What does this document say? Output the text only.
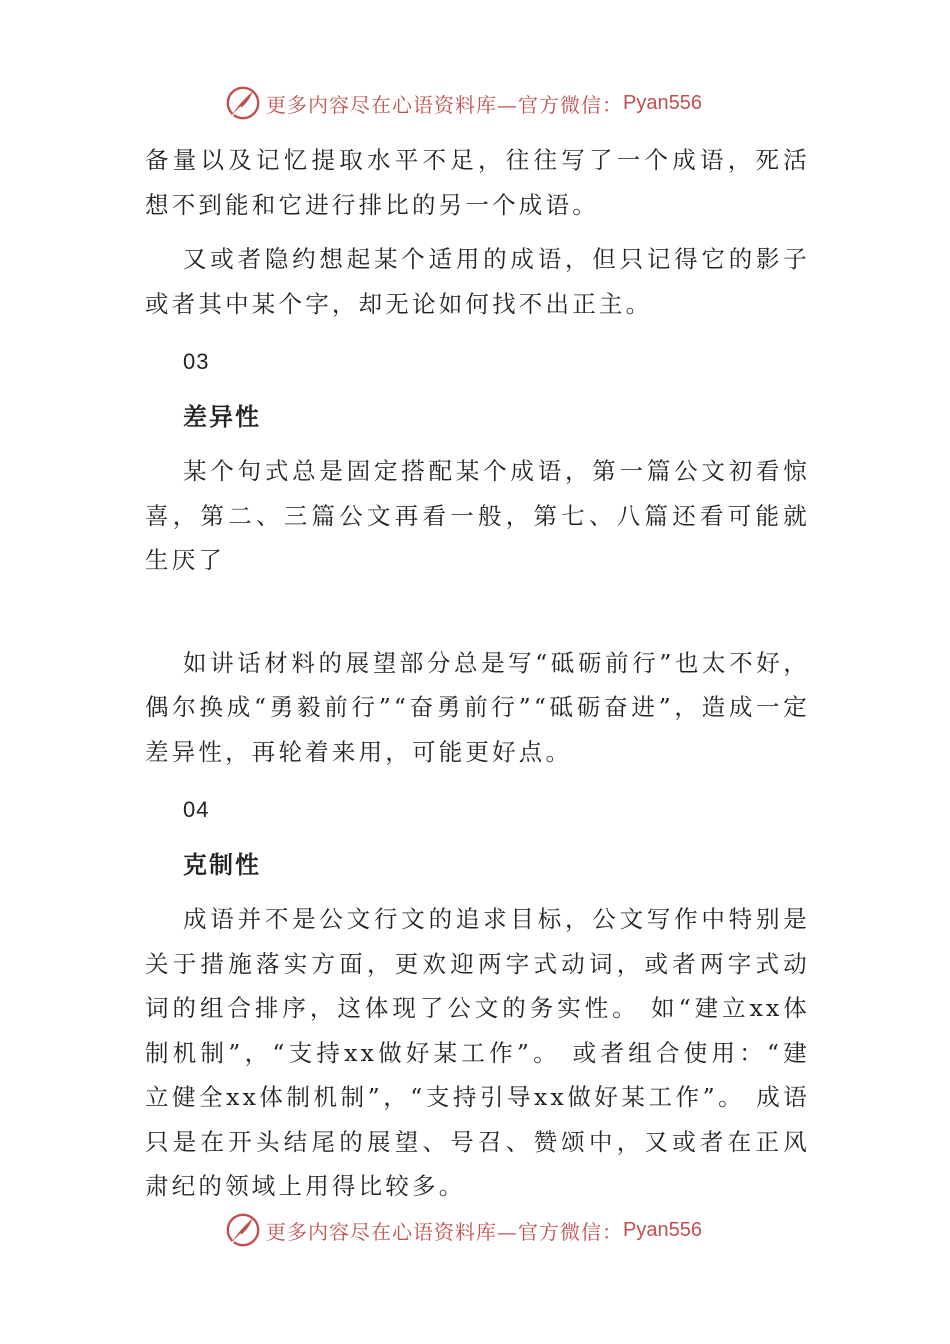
更多内容尽在心语资料库—官方微信： Pyan556

备量以及记忆提取水平不足，往往写了一个成语，死活想不到能和它进行排比的另一个成语。

又或者隐约想起某个适用的成语，但只记得它的影子或者其中某个字，却无论如何找不出正主。

03
差异性

某个句式总是固定搭配某个成语，第一篇公文初看惊喜，第二、三篇公文再看一般，第七、八篇还看可能就生厌了

如讲话材料的展望部分总是写“砥砺前行”也太不好，偶尔换成“勇毅前行”“奋勇前行”“砥砺奋进”，造成一定差异性，再轮着来用，可能更好点。

04
克制性

成语并不是公文行文的追求目标，公文写作中特别是关于措施落实方面，更欢迎两字式动词，或者两字式动词的组合排序，这体现了公文的务实性。 如“建立xx体制机制”，“支持xx做好某工作”。 或者组合使用：“建立健全xx体制机制”，“支持引导xx做好某工作”。 成语只是在开头结尾的展望、号召、赞颂中，又或者在正风肃纪的领域上用得比较多。

更多内容尽在心语资料库—官方微信： Pyan556
